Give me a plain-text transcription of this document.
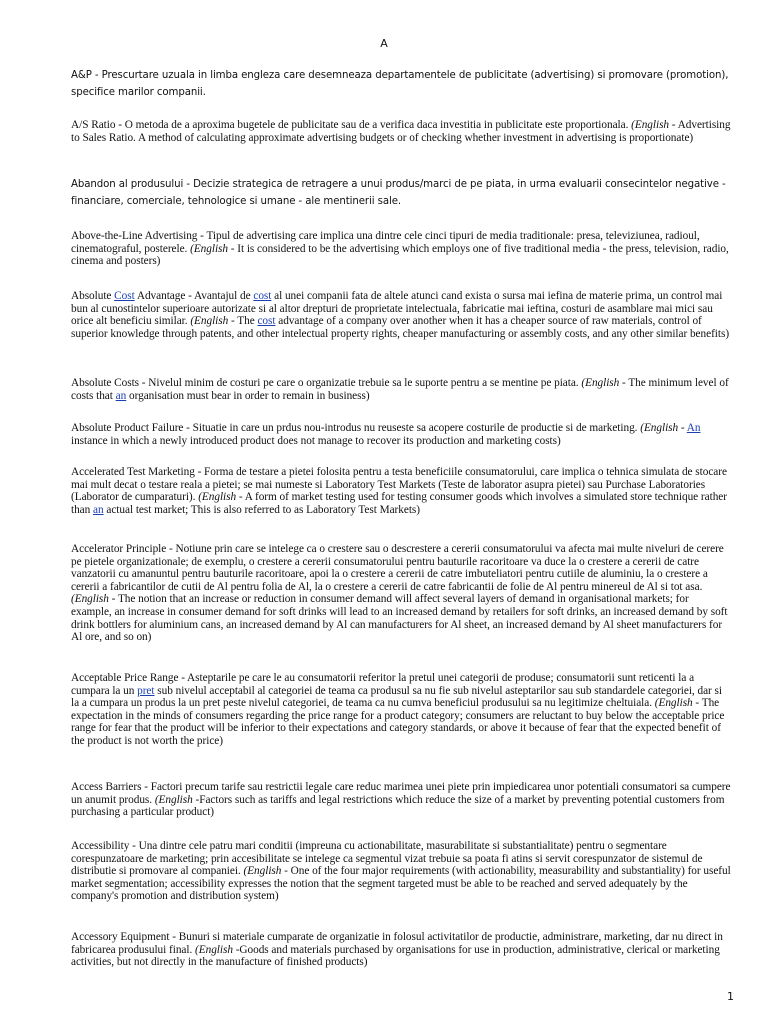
A
A&P - Prescurtare uzuala in limba engleza care desemneaza departamentele de publicitate (advertising) si promovare (promotion), specifice marilor companii.
A/S Ratio - O metoda de a aproxima bugetele de publicitate sau de a verifica daca investitia in publicitate este proportionala. (English - Advertising to Sales Ratio. A method of calculating approximate advertising budgets or of checking whether investment in advertising is proportionate)
Abandon al produsului - Decizie strategica de retragere a unui produs/marci de pe piata, in urma evaluarii consecintelor negative - financiare, comerciale, tehnologice si umane - ale mentinerii sale.
Above-the-Line Advertising - Tipul de advertising care implica una dintre cele cinci tipuri de media traditionale: presa, televiziunea, radioul, cinematograful, posterele. (English - It is considered to be the advertising which employs one of five traditional media - the press, television, radio, cinema and posters)
Absolute Cost Advantage - Avantajul de cost al unei companii fata de altele atunci cand exista o sursa mai iefina de materie prima, un control mai bun al cunostintelor superioare autorizate si al altor drepturi de proprietate intelectuala, fabricatie mai ieftina, costuri de asamblare mai mici sau orice alt beneficiu similar. (English - The cost advantage of a company over another when it has a cheaper source of raw materials, control of superior knowledge through patents, and other intelectual property rights, cheaper manufacturing or assembly costs, and any other similar benefits)
Absolute Costs - Nivelul minim de costuri pe care o organizatie trebuie sa le suporte pentru a se mentine pe piata. (English - The minimum level of costs that an organisation must bear in order to remain in business)
Absolute Product Failure - Situatie in care un prdus nou-introdus nu reuseste sa acopere costurile de productie si de marketing. (English - An instance in which a newly introduced product does not manage to recover its production and marketing costs)
Accelerated Test Marketing - Forma de testare a pietei folosita pentru a testa beneficiile consumatorului, care implica o tehnica simulata de stocare mai mult decat o testare reala a pietei; se mai numeste si Laboratory Test Markets (Teste de laborator asupra pietei) sau Purchase Laboratories (Laborator de cumparaturi). (English - A form of market testing used for testing consumer goods which involves a simulated store technique rather than an actual test market; This is also referred to as Laboratory Test Markets)
Accelerator Principle - Notiune prin care se intelege ca o crestere sau o descrestere a cererii consumatorului va afecta mai multe niveluri de cerere pe pietele organizationale; de exemplu, o crestere a cererii consumatorului pentru bauturile racoritoare va duce la o crestere a cererii de catre vanzatorii cu amanuntul pentru bauturile racoritoare, apoi la o crestere a cererii de catre imbuteliatori pentru cutiile de aluminiu, la o crestere a cererii a fabricantilor de cutii de Al pentru folia de Al, la o crestere a cererii de catre fabricantii de folie de Al pentru minereul de Al si tot asa. (English - The notion that an increase or reduction in consumer demand will affect several layers of demand in organisational markets; for example, an increase in consumer demand for soft drinks will lead to an increased demand by retailers for soft drinks, an increased demand by soft drink bottlers for aluminium cans, an increased demand by Al can manufacturers for Al sheet, an increased demand by Al sheet manufacturers for Al ore, and so on)
Acceptable Price Range - Asteptarile pe care le au consumatorii referitor la pretul unei categorii de produse; consumatorii sunt reticenti la a cumpara la un pret sub nivelul acceptabil al categoriei de teama ca produsul sa nu fie sub nivelul asteptarilor sau sub standardele categoriei, dar si la a cumpara un produs la un pret peste nivelul categoriei, de teama ca nu cumva beneficiul produsului sa nu legitimize cheltuiala. (English - The expectation in the minds of consumers regarding the price range for a product category; consumers are reluctant to buy below the acceptable price range for fear that the product will be inferior to their expectations and category standards, or above it because of fear that the expected benefit of the product is not worth the price)
Access Barriers - Factori precum tarife sau restrictii legale care reduc marimea unei piete prin impiedicarea unor potentiali consumatori sa cumpere un anumit produs. (English -Factors such as tariffs and legal restrictions which reduce the size of a market by preventing potential customers from purchasing a particular product)
Accessibility - Una dintre cele patru mari conditii (impreuna cu actionabilitate, masurabilitate si substantialitate) pentru o segmentare corespunzatoare de marketing; prin accesibilitate se intelege ca segmentul vizat trebuie sa poata fi atins si servit corespunzator de sistemul de distributie si promovare al companiei. (English - One of the four major requirements (with actionability, measurability and substantiality) for useful market segmentation; accessibility expresses the notion that the segment targeted must be able to be reached and served adequately by the company's promotion and distribution system)
Accessory Equipment - Bunuri si materiale cumparate de organizatie in folosul activitatilor de productie, administrare, marketing, dar nu direct in fabricarea produsului final. (English -Goods and materials purchased by organisations for use in production, administrative, clerical or marketing activities, but not directly in the manufacture of finished products)
1
